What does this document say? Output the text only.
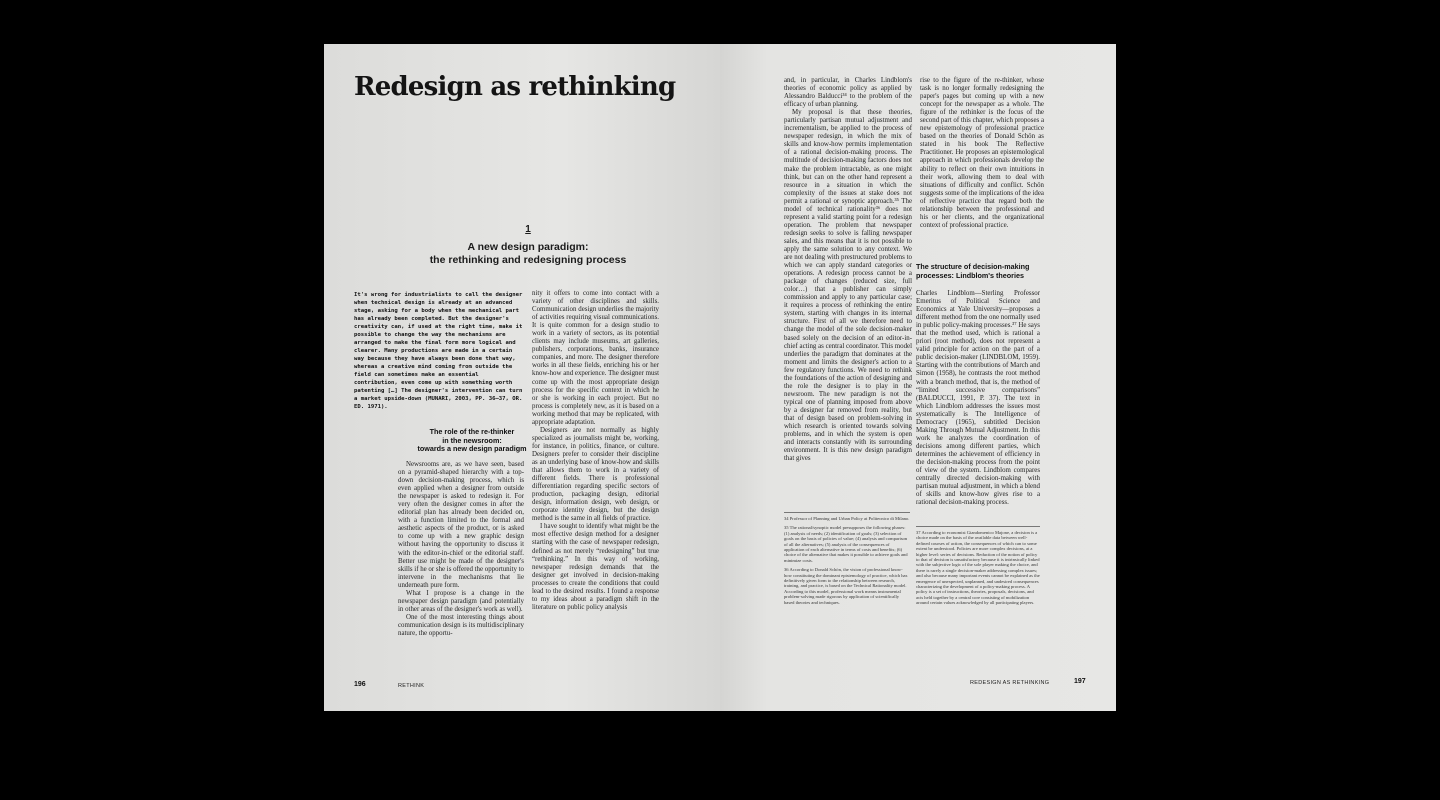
Redesign as rethinking
1
A new design paradigm:
the rethinking and redesigning process

It's wrong for industrialists to call the designer when technical design is already at an advanced stage, asking for a body when the mechanical part has already been completed. But the designer's creativity can, if used at the right time, make it possible to change the way the mechanisms are arranged to make the final form more logical and clearer. Many productions are made in a certain way because they have always been done that way, whereas a creative mind coming from outside the field can sometimes make an essential contribution, even come up with something worth patenting […] The designer's intervention can turn a market upside-down (MUNARI, 2003, PP. 36–37, OR. ED. 1971).

The role of the re-thinker
in the newsroom:
towards a new design paradigm

Newsrooms are, as we have seen, based on a pyramid-shaped hierarchy with a top-down decision-making process, which is even applied when a designer from outside the newspaper is asked to redesign it. For very often the designer comes in after the editorial plan has already been decided on, with a function limited to the formal and aesthetic aspects of the product, or is asked to come up with a new graphic design without having the opportunity to discuss it with the editor-in-chief or the editorial staff. Better use might be made of the designer's skills if he or she is offered the opportunity to intervene in the mechanisms that lie underneath pure form.

What I propose is a change in the newspaper design paradigm (and potentially in other areas of the designer's work as well).

One of the most interesting things about communication design is its multidisciplinary nature, the opportu-

nity it offers to come into contact with a variety of other disciplines and skills. Communication design underlies the majority of activities requiring visual communications. It is quite common for a design studio to work in a variety of sectors, as its potential clients may include museums, art galleries, publishers, corporations, banks, insurance companies, and more. The designer therefore works in all these fields, enriching his or her know-how and experience. The designer must come up with the most appropriate design process for the specific context in which he or she is working in each project. But no process is completely new, as it is based on a working method that may be replicated, with appropriate adaptation.

Designers are not normally as highly specialized as journalists might be, working, for instance, in politics, finance, or culture. Designers prefer to consider their discipline as an underlying base of know-how and skills that allows them to work in a variety of different fields. There is professional differentiation regarding specific sectors of production, packaging design, editorial design, information design, web design, or corporate identity design, but the design method is the same in all fields of practice.

I have sought to identify what might be the most effective design method for a designer starting with the case of newspaper redesign, defined as not merely “redesigning” but true “rethinking.” In this way of working, newspaper redesign demands that the designer get involved in decision-making processes to create the conditions that could lead to the desired results. I found a response to my ideas about a paradigm shift in the literature on public policy analysis

196	RETHINK

and, in particular, in Charles Lindblom's theories of economic policy as applied by Alessandro Balducci³⁴ to the problem of the efficacy of urban planning.

My proposal is that these theories, particularly partisan mutual adjustment and incrementalism, be applied to the process of newspaper redesign, in which the mix of skills and know-how permits implementation of a rational decision-making process. The multitude of decision-making factors does not make the problem intractable, as one might think, but can on the other hand represent a resource in a situation in which the complexity of the issues at stake does not permit a rational or synoptic approach.³⁵ The model of technical rationality³⁶ does not represent a valid starting point for a redesign operation. The problem that newspaper redesign seeks to solve is falling newspaper sales, and this means that it is not possible to apply the same solution to any context. We are not dealing with prestructured problems to which we can apply standard categories or operations. A redesign process cannot be a package of changes (reduced size, full color…) that a publisher can simply commission and apply to any particular case; it requires a process of rethinking the entire system, starting with changes in its internal structure. First of all we therefore need to change the model of the sole decision-maker based solely on the decision of an editor-in-chief acting as central coordinator. This model underlies the paradigm that dominates at the moment and limits the designer's action to a few regulatory functions. We need to rethink the foundations of the action of designing and the role the designer is to play in the newsroom. The new paradigm is not the typical one of planning imposed from above by a designer far removed from reality, but that of design based on problem-solving in which research is oriented towards solving problems, and in which the system is open and interacts constantly with its surrounding environment. It is this new design paradigm that gives

rise to the figure of the re-thinker, whose task is no longer formally redesigning the paper's pages but coming up with a new concept for the newspaper as a whole. The figure of the rethinker is the focus of the second part of this chapter, which proposes a new epistemology of professional practice based on the theories of Donald Schön as stated in his book The Reflective Practitioner. He proposes an epistemological approach in which professionals develop the ability to reflect on their own intuitions in their work, allowing them to deal with situations of difficulty and conflict. Schön suggests some of the implications of the idea of reflective practice that regard both the relationship between the professional and his or her clients, and the organizational context of professional practice.

The structure of decision-making
processes: Lindblom's theories

Charles Lindblom—Sterling Professor Emeritus of Political Science and Economics at Yale University—proposes a different method from the one normally used in public policy-making processes.³⁷ He says that the method used, which is rational a priori (root method), does not represent a valid principle for action on the part of a public decision-maker (LINDBLOM, 1959). Starting with the contributions of March and Simon (1958), he contrasts the root method with a branch method, that is, the method of “limited successive comparisons” (BALDUCCI, 1991, P. 37). The text in which Lindblom addresses the issues most systematically is The Intelligence of Democracy (1965), subtitled Decision Making Through Mutual Adjustment. In this work he analyzes the coordination of decisions among different parties, which determines the achievement of efficiency in the decision-making process from the point of view of the system. Lindblom compares centrally directed decision-making with partisan mutual adjustment, in which a blend of skills and know-how gives rise to a rational decision-making process.

34 Professor of Planning and Urban Policy at Politecnico di Milano.

35 The rational/synoptic model presupposes the following phases: (1) analysis of needs; (2) identification of goals; (3) selection of goals on the basis of policies of value; (4) analysis and comparison of all the alternatives; (5) analysis of the consequences of application of each alternative in terms of costs and benefits; (6) choice of the alternative that makes it possible to achieve goals and minimize costs.

36 According to Donald Schön, the vision of professional know-how constituting the dominant epistemology of practice, which has definitively given form to the relationship between research, training, and practice, is based on the Technical Rationality model. According to this model, professional work means instrumental problem-solving made rigorous by application of scientifically based theories and techniques.

37 According to economist Giandomenico Majone, a decision is a choice made on the basis of the available data between well-defined courses of action, the consequences of which can to some extent be understood. Policies are more complex decisions, at a higher level: series of decisions. Reduction of the notion of policy to that of decision is unsatisfactory because it is intrinsically linked with the subjective logic of the sole player making the choice, and there is rarely a single decision-maker addressing complex issues; and also because many important events cannot be explained as the emergence of unexpected, unplanned, and undesired consequences characterizing the development of a policy-making process. A policy is a set of instructions, theories, proposals, decisions, and acts held together by a central core consisting of mobilization around certain values acknowledged by all participating players.

REDESIGN AS RETHINKING	197
